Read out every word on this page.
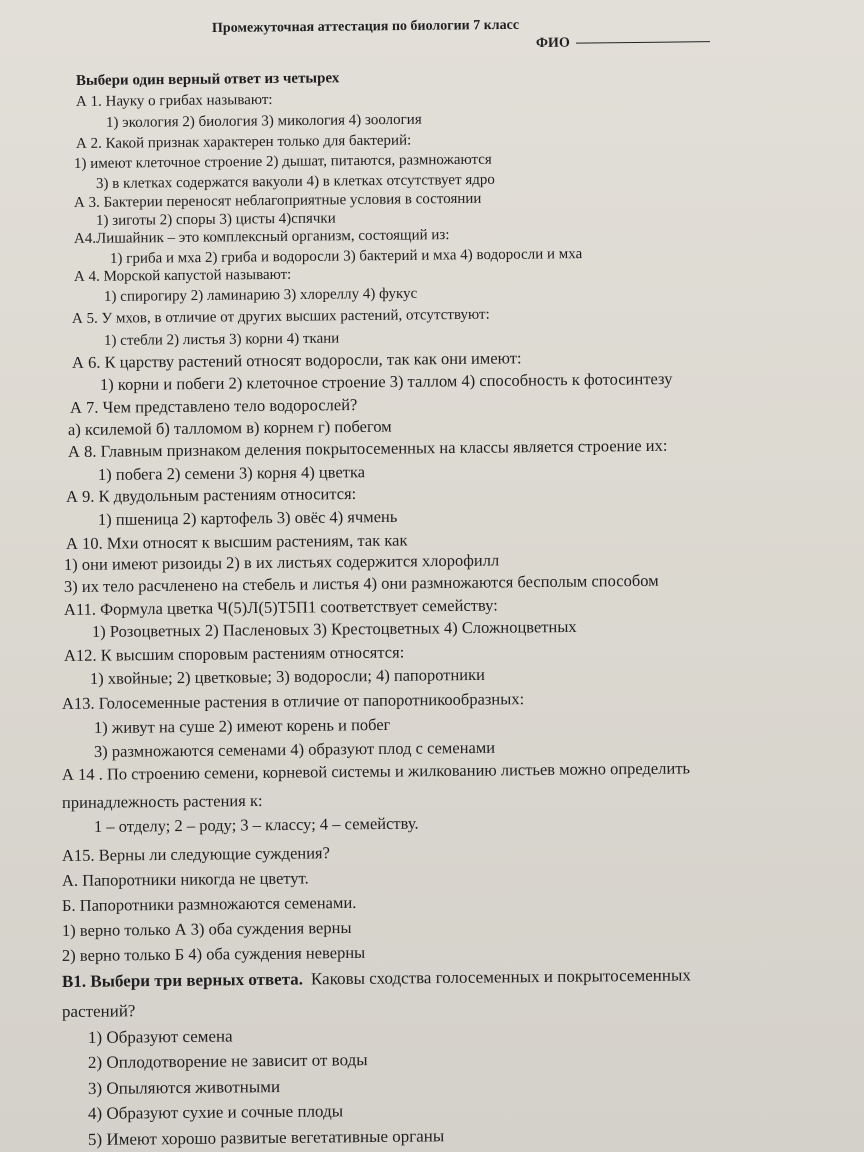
Промежуточная аттестация по биологии 7 класс
ФИО
Выбери один верный ответ из четырех
А 1. Науку о грибах называют:
1) экология 2) биология 3) микология 4) зоология
А 2. Какой признак характерен только для бактерий:
1) имеют клеточное строение 2) дышат, питаются, размножаются
3) в клетках содержатся вакуоли 4) в клетках отсутствует ядро
А 3. Бактерии переносят неблагоприятные условия в состоянии
1) зиготы 2) споры 3) цисты 4)спячки
А4.Лишайник – это комплексный организм, состоящий из:
1) гриба и мха 2) гриба и водоросли 3) бактерий и мха 4) водоросли и мха
А 4. Морской капустой называют:
1) спирогиру 2) ламинарию 3) хлореллу 4) фукус
А 5. У мхов, в отличие от других высших растений, отсутствуют:
1) стебли 2) листья 3) корни 4) ткани
А 6. К царству растений относят водоросли, так как они имеют:
1) корни и побеги 2) клеточное строение 3) таллом 4) способность к фотосинтезу
А 7. Чем представлено тело водорослей?
а) ксилемой б) талломом в) корнем г) побегом
А 8. Главным признаком деления покрытосеменных на классы является строение их:
1) побега 2) семени 3) корня 4) цветка
А 9. К двудольным растениям относится:
1) пшеница 2) картофель 3) овёс 4) ячмень
А 10. Мхи относят к высшим растениям, так как
1) они имеют ризоиды 2) в их листьях содержится хлорофилл
3) их тело расчленено на стебель и листья 4) они размножаются бесполым способом
А11. Формула цветка Ч(5)Л(5)Т5П1 соответствует семейству:
1) Розоцветных 2) Пасленовых 3) Крестоцветных 4) Сложноцветных
А12. К высшим споровым растениям относятся:
1) хвойные; 2) цветковые; 3) водоросли; 4) папоротники
А13. Голосеменные растения в отличие от папоротникообразных:
1) живут на суше 2) имеют корень и побег
3) размножаются семенами 4) образуют плод с семенами
А 14 . По строению семени, корневой системы и жилкованию листьев можно определить
принадлежность растения к:
1 – отделу; 2 – роду; 3 – классу; 4 – семейству.
А15. Верны ли следующие суждения?
А. Папоротники никогда не цветут.
Б. Папоротники размножаются семенами.
1) верно только А 3) оба суждения верны
2) верно только Б 4) оба суждения неверны
В1. Выбери три верных ответа. Каковы сходства голосеменных и покрытосеменных
растений?
1) Образуют семена
2) Оплодотворение не зависит от воды
3) Опыляются животными
4) Образуют сухие и сочные плоды
5) Имеют хорошо развитые вегетативные органы
